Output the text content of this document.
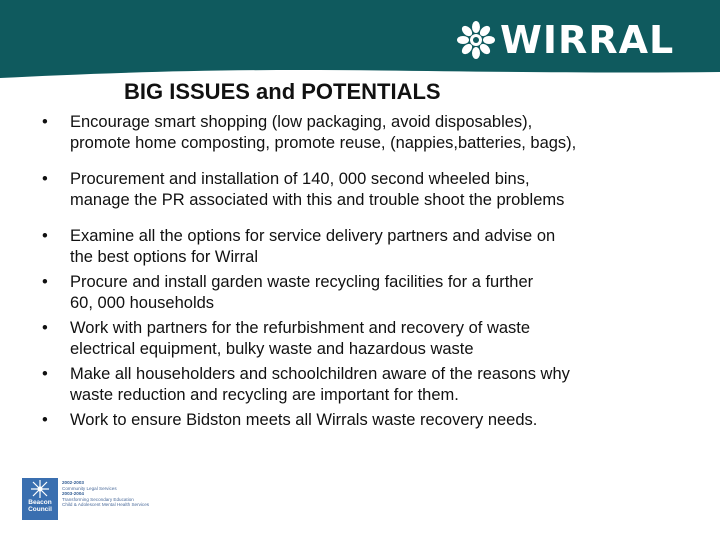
WIRRAL
BIG ISSUES and POTENTIALS
• Encourage smart shopping (low packaging, avoid disposables),
promote home composting, promote reuse, (nappies,batteries, bags),
• Procurement and installation of 140, 000 second wheeled bins,
manage the PR associated with this and trouble shoot the problems
• Examine all the options for service delivery partners and advise on
the best options for Wirral
• Procure and install garden waste recycling facilities for a further
60, 000 households
• Work with partners for the refurbishment and recovery of waste
electrical equipment, bulky waste and hazardous waste
• Make all householders and schoolchildren aware of the reasons why
waste reduction and recycling are important for them.
• Work to ensure Bidston meets all Wirrals waste recovery needs.
Beacon
Council
2002-2003
Community Legal Services
2003-2004
Transforming Secondary Education
Child & Adolescent Mental Health Services
